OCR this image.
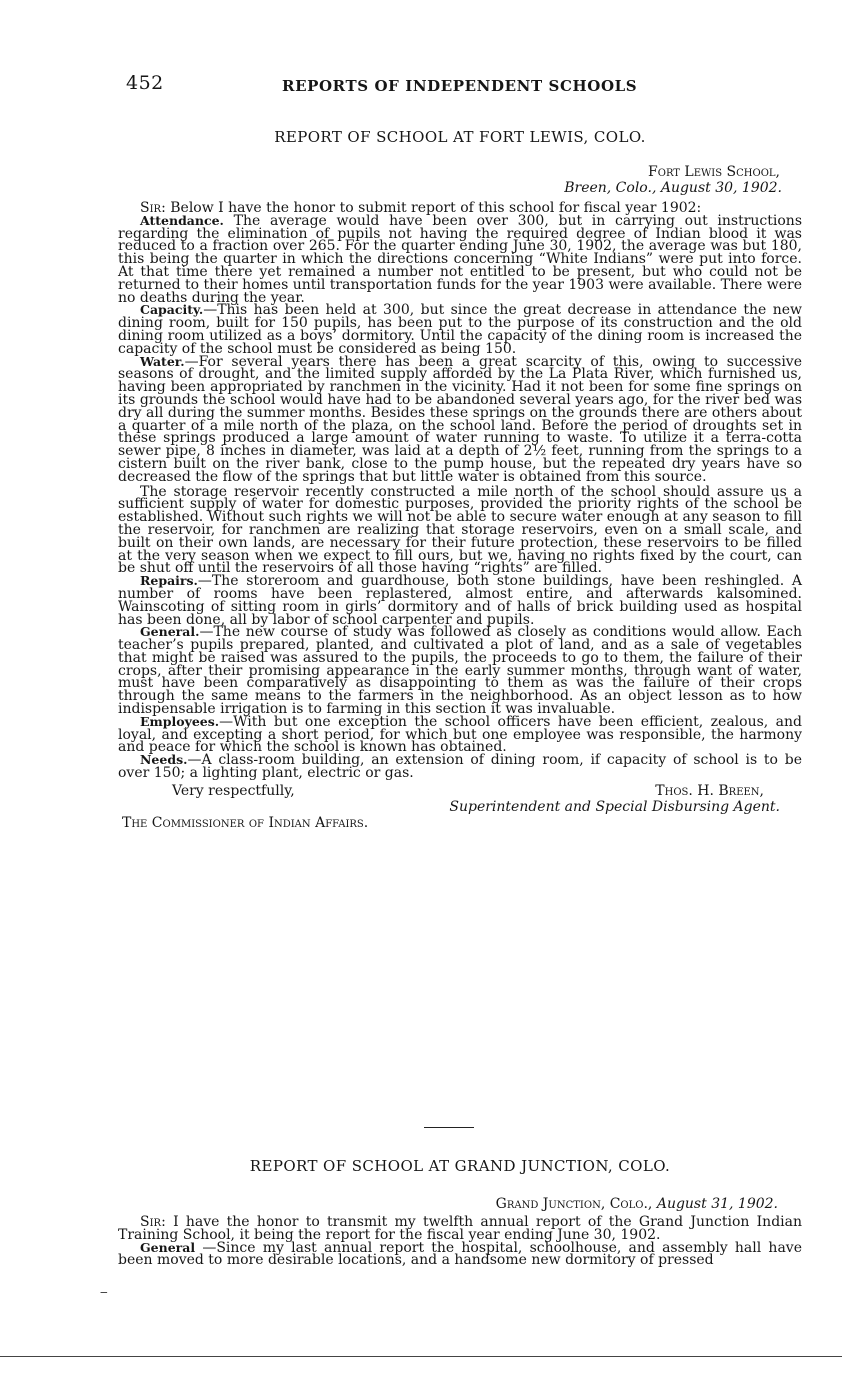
452	REPORTS OF INDEPENDENT SCHOOLS
REPORT OF SCHOOL AT FORT LEWIS, COLO.
Fort Lewis School,
Breen, Colo., August 30, 1902.

Sir: Below I have the honor to submit report of this school for fiscal year 1902:

Attendance. The average would have been over 300, but in carrying out instructions regarding the elimination of pupils not having the required degree of Indian blood it was reduced to a fraction over 265. For the quarter ending June 30, 1902, the average was but 180, this being the quarter in which the directions concerning “White Indians” were put into force. At that time there yet remained a number not entitled to be present, but who could not be returned to their homes until transportation funds for the year 1903 were available. There were no deaths during the year.

Capacity.—This has been held at 300, but since the great decrease in attendance the new dining room, built for 150 pupils, has been put to the purpose of its construction and the old dining room utilized as a boys’ dormitory. Until the capacity of the dining room is increased the capacity of the school must be considered as being 150.

Water.—For several years there has been a great scarcity of this, owing to successive seasons of drought, and the limited supply afforded by the La Plata River, which furnished us, having been appropriated by ranchmen in the vicinity. Had it not been for some fine springs on its grounds the school would have had to be abandoned several years ago, for the river bed was dry all during the summer months. Besides these springs on the grounds there are others about a quarter of a mile north of the plaza, on the school land. Before the period of droughts set in these springs produced a large amount of water running to waste. To utilize it a terra-cotta sewer pipe, 8 inches in diameter, was laid at a depth of 2½ feet, running from the springs to a cistern built on the river bank, close to the pump house, but the repeated dry years have so decreased the flow of the springs that but little water is obtained from this source.

The storage reservoir recently constructed a mile north of the school should assure us a sufficient supply of water for domestic purposes, provided the priority rights of the school be established. Without such rights we will not be able to secure water enough at any season to fill the reservoir, for ranchmen are realizing that storage reservoirs, even on a small scale, and built on their own lands, are necessary for their future protection, these reservoirs to be filled at the very season when we expect to fill ours, but we, having no rights fixed by the court, can be shut off until the reservoirs of all those having “rights” are filled.

Repairs.—The storeroom and guardhouse, both stone buildings, have been reshingled. A number of rooms have been replastered, almost entire, and afterwards kalsomined. Wainscoting of sitting room in girls’ dormitory and of halls of brick building used as hospital has been done, all by labor of school carpenter and pupils.

General.—The new course of study was followed as closely as conditions would allow. Each teacher’s pupils prepared, planted, and cultivated a plot of land, and as a sale of vegetables that might be raised was assured to the pupils, the proceeds to go to them, the failure of their crops, after their promising appearance in the early summer months, through want of water, must have been comparatively as disappointing to them as was the failure of their crops through the same means to the farmers in the neighborhood. As an object lesson as to how indispensable irrigation is to farming in this section it was invaluable.

Employees.—With but one exception the school officers have been efficient, zealous, and loyal, and excepting a short period, for which but one employee was responsible, the harmony and peace for which the school is known has obtained.

Needs.—A class-room building, an extension of dining room, if capacity of school is to be over 150; a lighting plant, electric or gas.

Very respectfully,	Thos. H. Breen,
Superintendent and Special Disbursing Agent.
The Commissioner of Indian Affairs.
REPORT OF SCHOOL AT GRAND JUNCTION, COLO.
Grand Junction, Colo., August 31, 1902.

Sir: I have the honor to transmit my twelfth annual report of the Grand Junction Indian Training School, it being the report for the fiscal year ending June 30, 1902.

General —Since my last annual report the hospital, schoolhouse, and assembly hall have been moved to more desirable locations, and a handsome new dormitory of pressed

‒
